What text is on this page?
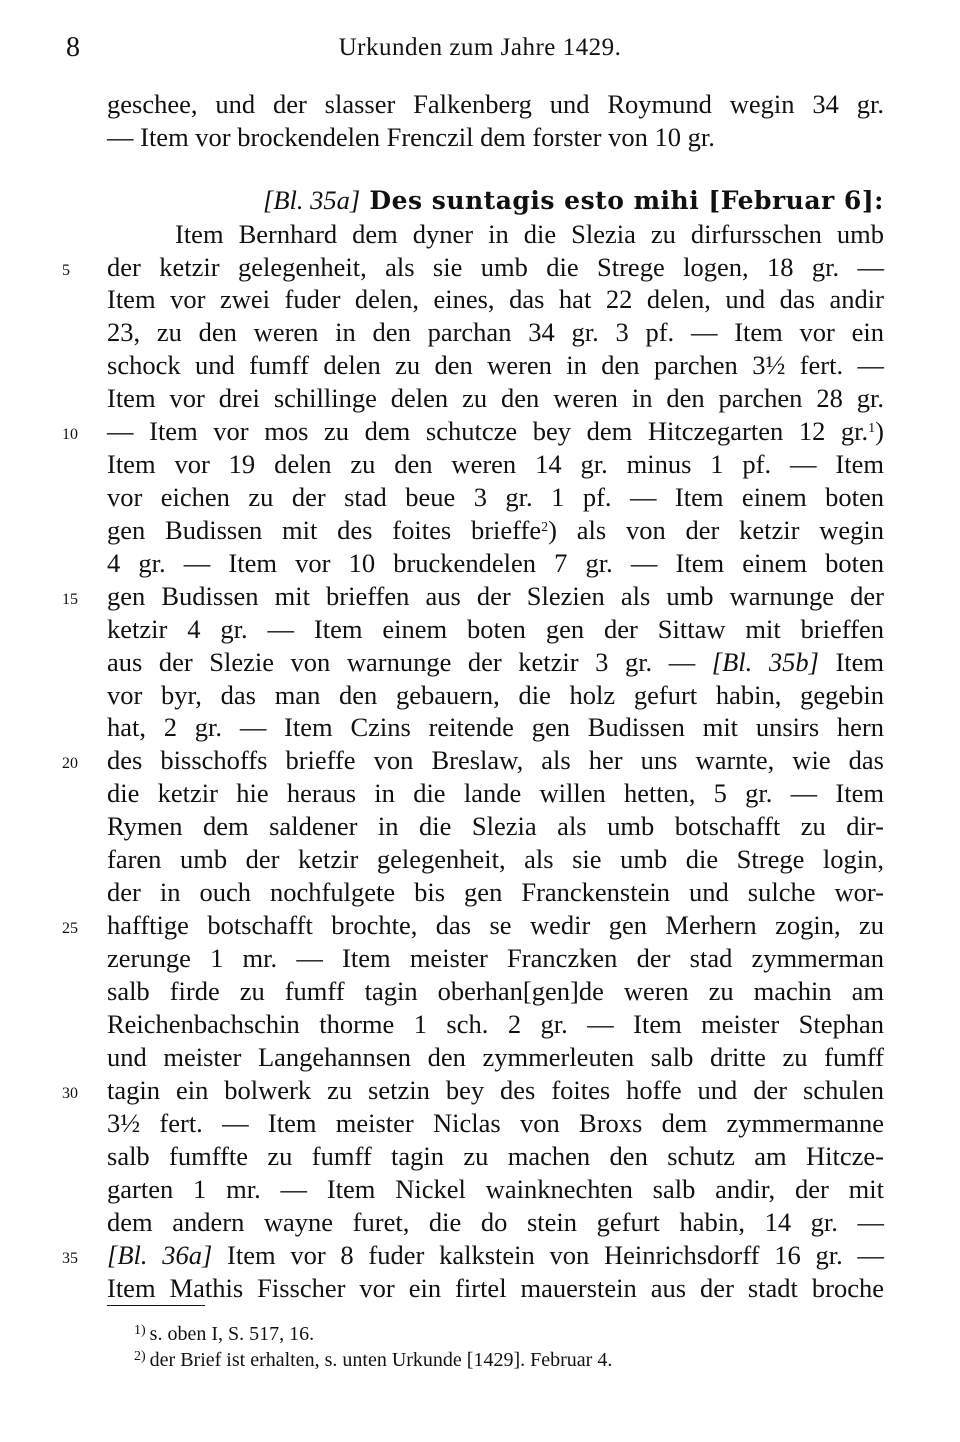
8	Urkunden zum Jahre 1429.
geschee, und der slasser Falkenberg und Roymund wegin 34 gr.
— Item vor brockendelen Frenczil dem forster von 10 gr.
[Bl. 35a] Des suntagis esto mihi [Februar 6]:
Item Bernhard dem dyner in die Slezia zu dirfursschen umb
der ketzir gelegenheit, als sie umb die Strege logen, 18 gr. —
Item vor zwei fuder delen, eines, das hat 22 delen, und das andir
23, zu den weren in den parchan 34 gr. 3 pf. — Item vor ein
schock und fumff delen zu den weren in den parchen 3½ fert. —
Item vor drei schillinge delen zu den weren in den parchen 28 gr.
— Item vor mos zu dem schutcze bey dem Hitczegarten 12 gr.$^1$)
Item vor 19 delen zu den weren 14 gr. minus 1 pf. — Item
vor eichen zu der stad beue 3 gr. 1 pf. — Item einem boten
gen Budissen mit des foites brieffe$^2$) als von der ketzir wegin
4 gr. — Item vor 10 bruckendelen 7 gr. — Item einem boten
gen Budissen mit brieffen aus der Slezien als umb warnunge der
ketzir 4 gr. — Item einem boten gen der Sittaw mit brieffen
aus der Slezie von warnunge der ketzir 3 gr. — [Bl. 35b] Item
vor byr, das man den gebauern, die holz gefurt habin, gegebin
hat, 2 gr. — Item Czins reitende gen Budissen mit unsirs hern
des bisschoffs brieffe von Breslaw, als her uns warnte, wie das
die ketzir hie heraus in die lande willen hetten, 5 gr. — Item
Rymen dem saldener in die Slezia als umb botschafft zu dir-
faren umb der ketzir gelegenheit, als sie umb die Strege login,
der in ouch nochfulgete bis gen Franckenstein und sulche wor-
hafftige botschafft brochte, das se wedir gen Merhern zogin, zu
zerunge 1 mr. — Item meister Franczken der stad zymmerman
salb firde zu fumff tagin oberhan[gen]de weren zu machin am
Reichenbachschin thorme 1 sch. 2 gr. — Item meister Stephan
und meister Langehannsen den zymmerleuten salb dritte zu fumff
tagin ein bolwerk zu setzin bey des foites hoffe und der schulen
3½ fert. — Item meister Niclas von Broxs dem zymmermanne
salb fumffte zu fumff tagin zu machen den schutz am Hitcze-
garten 1 mr. — Item Nickel wainknechten salb andir, der mit
dem andern wayne furet, die do stein gefurt habin, 14 gr. —
[Bl. 36a] Item vor 8 fuder kalkstein von Heinrichsdorff 16 gr. —
Item Mathis Fisscher vor ein firtel mauerstein aus der stadt broche
5
10
15
20
25
30
35
$^{1)}$ s. oben I, S. 517, 16.
$^{2)}$ der Brief ist erhalten, s. unten Urkunde [1429]. Februar 4.
